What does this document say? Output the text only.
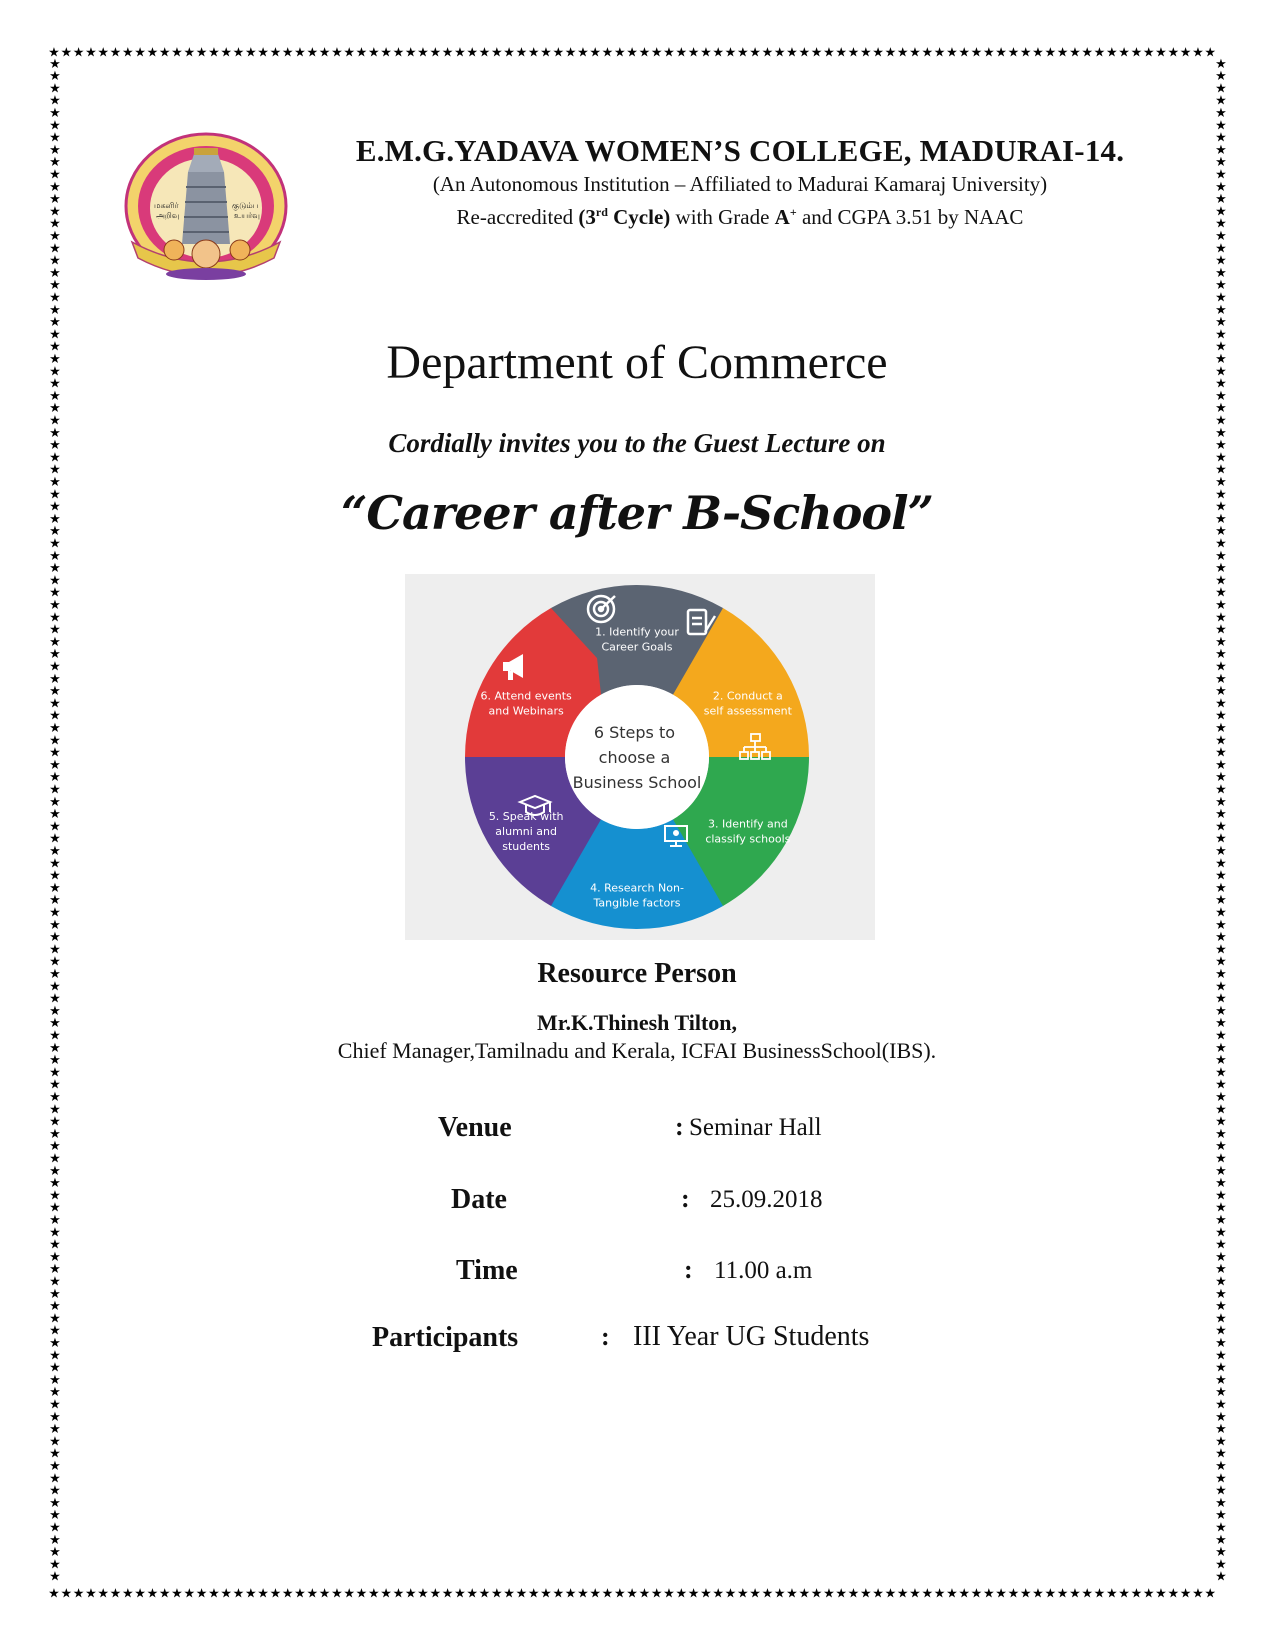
★
★
★
★
★
★
★
★
★
★
★
★
★
★
★
★
★
★
★
★
★
★
★
★
★
★
★
★
★
★
★
★
★
★
★
★
★
★
★
★
★
★
★
★
★
★
★
★
★
★
★
★
★
★
★
★
★
★
★
★
★
★
★
★
★
★
★
★
★
★
★
★
★
★
★
★
★
★
★
★
★
★
★
★
★
★
★
★
★
★
★
★
★
★
★
★
★
★
★
★
★
★
★
★
★
★
★
★
★
★
★
★
★
★
★
★
★
★
★
★
★
★
★
★
★
★
★
★
★
★
★
★
★
★
★
★
★
★
★
★
★
★
★
★
★
★
★
★
★
★
★
★
★
★
★
★
★
★
★
★
★
★
★
★
★
★
★
★
★
★
★
★
★
★
★
★
★
★
★
★
★
★
★
★
★
★
★
★
★
★
★	★
★	★
★	★
★	★
★	★
★	★
★	★
★	★
★	★
★	★
★	★
★	★
★	★
★	★
★	★
★	★
★	★
★	★
★	★
★	★
★	★
★	★
★	★
★	★
★	★
★	★
★	★
★	★
★	★
★	★
★	★
★	★
★	★
★	★
★	★
★	★
★	★
★	★
★	★
★	★
★	★
★	★
★	★
★	★
★	★
★	★
★	★
★	★
★	★
★	★
★	★
★	★
★	★
★	★
★	★
★	★
★	★
★	★
★	★
★	★
★	★
★	★
★	★
★	★
★	★
★	★
★	★
★	★
★	★
★	★
★	★
★	★
★	★
★	★
★	★
★	★
★	★
★	★
★	★
★	★
★	★
★	★
★	★
★	★
★	★
★	★
★	★
★	★
★	★
★	★
★	★
★	★
★	★
★	★
★	★
★	★
★	★
★	★
★	★
★	★
★	★
★	★
★	★
★	★
★	★
★	★
★	★
★	★
★	★
★	★
★	★
★	★
★	★
★	★
★	★
★	★
★	★
★	★
★	★
★	★
★	★
★	★
★	★
★	★
மகளிர்
அறிவு
குடும்ப
உயர்வு
E.M.G.YADAVA WOMEN’S COLLEGE, MADURAI-14.
(An Autonomous Institution – Affiliated to Madurai Kamaraj University)
Re-accredited (3rd Cycle) with Grade A+ and CGPA 3.51 by NAAC
Department of Commerce
Cordially invites you to the Guest Lecture on
“Career after B-School”
6 Steps to choose a Business School
1. Identify your Career Goals
2. Conduct a self assessment
3. Identify and classify schools
4. Research Non-Tangible factors
5. Speak with alumni and students
6. Attend events and Webinars
Resource Person
Mr.K.Thinesh Tilton,
Chief Manager,Tamilnadu and Kerala, ICFAI BusinessSchool(IBS).
Venue	: Seminar Hall
Date	: 25.09.2018
Time	: 11.00 a.m
Participants	: III Year UG Students
